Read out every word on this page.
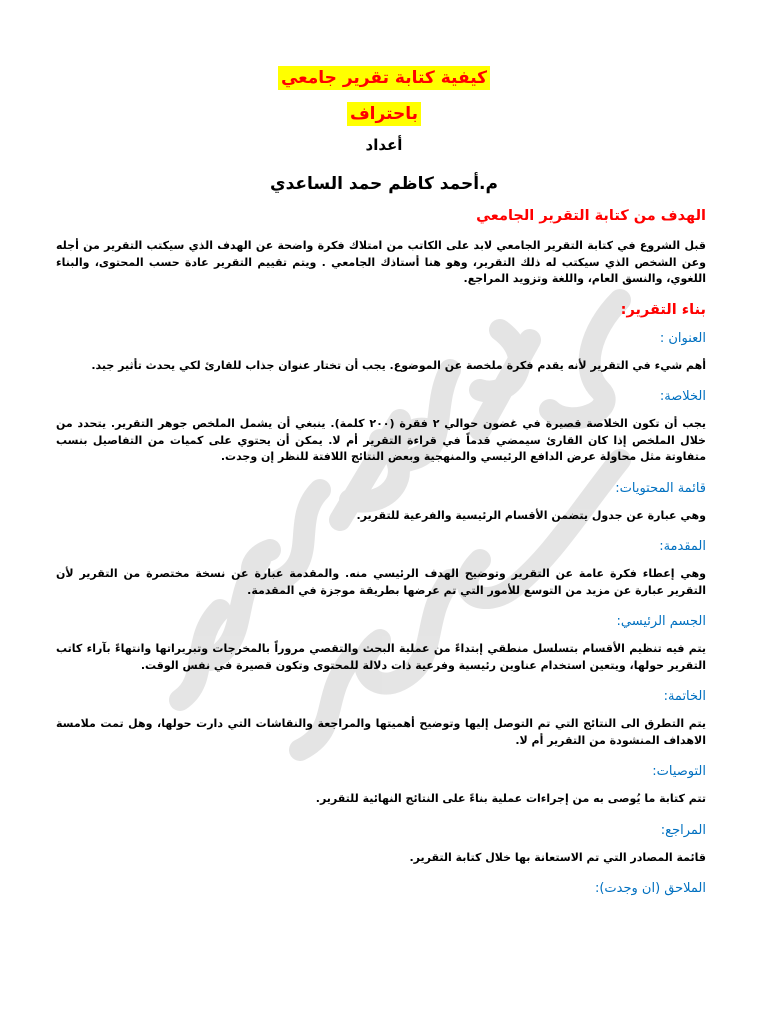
كيفية كتابة تقرير جامعي
باحتراف
أعداد
م.أحمد كاظم حمد الساعدي
الهدف من كتابة التقرير الجامعي
قبل الشروع في كتابة التقرير الجامعي لابد على الكاتب من امتلاك فكرة واضحة عن الهدف الذي سيكتب التقرير من أجله وعن الشخص الذي سيكتب له ذلك التقرير، وهو هنا أستاذك الجامعي . ويتم تقييم التقرير عادة حسب المحتوى، والبناء اللغوي، والنسق العام، واللغة وتزويد المراجع.
بناء التقرير:
العنوان :
أهم شيء في التقرير لأنه يقدم فكرة ملخصة عن الموضوع. يجب أن تختار عنوان جذاب للقارئ لكي يحدث تأثير جيد.
الخلاصة:
يجب أن تكون الخلاصة قصيرة في غضون حوالي ٢ فقرة (٢٠٠ كلمة). ينبغي أن يشمل الملخص جوهر التقرير. يتحدد من خلال الملخص إذا كان القارئ سيمضي قدماً في قراءة التقرير أم لا. يمكن أن يحتوي على كميات من التفاصيل بنسب متفاوتة مثل محاولة عرض الدافع الرئيسي والمنهجية وبعض النتائج اللافتة للنظر إن وجدت.
قائمة المحتويات:
وهي عبارة عن جدول يتضمن الأقسام الرئيسية والفرعية للتقرير.
المقدمة:
وهي إعطاء فكرة عامة عن التقرير وتوضيح الهدف الرئيسي منه. والمقدمة عبارة عن نسخة مختصرة من التقرير لأن التقرير عبارة عن مزيد من التوسع للأمور التي تم عرضها بطريقة موجزة في المقدمة.
الجسم الرئيسي:
يتم فيه تنظيم الأقسام بتسلسل منطقي إبتداءً من عملية البحث والتقصي مروراً بالمخرجات وتبريراتها وانتهاءً بآراء كاتب التقرير حولها، ويتعين استخدام عناوين رئيسية وفرعية ذات دلالة للمحتوى وتكون قصيرة في نفس الوقت.
الخاتمة:
يتم التطرق الى النتائج التي تم التوصل إليها وتوضيح أهميتها والمراجعة والنقاشات التي دارت حولها، وهل تمت ملامسة الاهداف المنشودة من التقرير أم لا.
التوصيات:
تتم كتابة ما يُوصى به من إجراءات عملية بناءً على النتائج النهائية للتقرير.
المراجع:
قائمة المصادر التي تم الاستعانة بها خلال كتابة التقرير.
الملاحق (ان وجدت):
